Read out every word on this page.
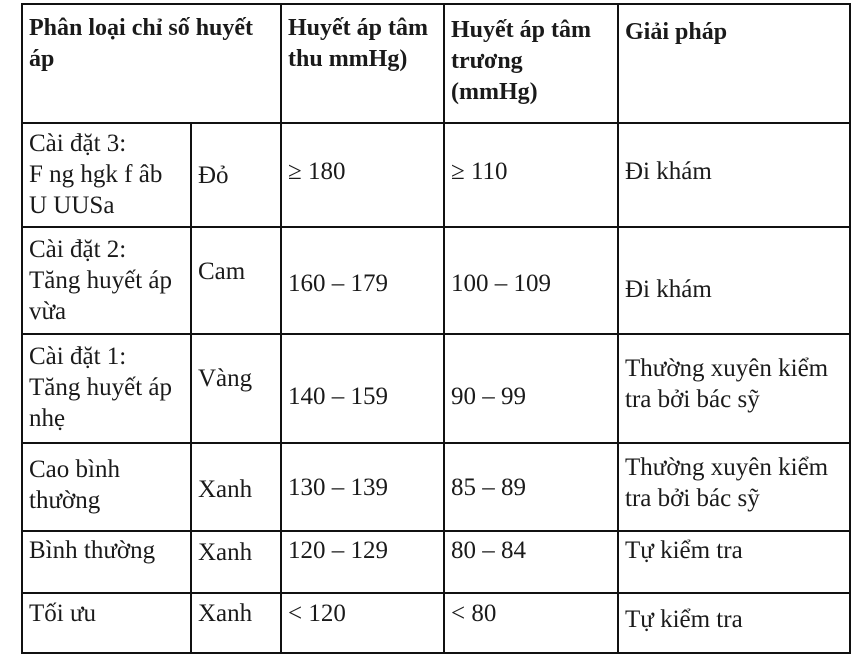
Phân loại chỉ số huyết áp		Huyết áp tâm thu mmHg)	Huyết áp tâm trương (mmHg)	Giải pháp

Cài đặt 3:
F ng hgk f âb U UUSa	Đỏ	≥ 180	≥ 110	Đi khám

Cài đặt 2:
Tăng huyết áp vừa	Cam	160 – 179	100 – 109	Đi khám

Cài đặt 1:
Tăng huyết áp nhẹ	Vàng	140 – 159	90 – 99	Thường xuyên kiểm tra bởi bác sỹ

Cao bình thường	Xanh	130 – 139	85 – 89	Thường xuyên kiểm tra bởi bác sỹ

Bình thường	Xanh	120 – 129	80 – 84	Tự kiểm tra

Tối ưu	Xanh	< 120	< 80	Tự kiểm tra
